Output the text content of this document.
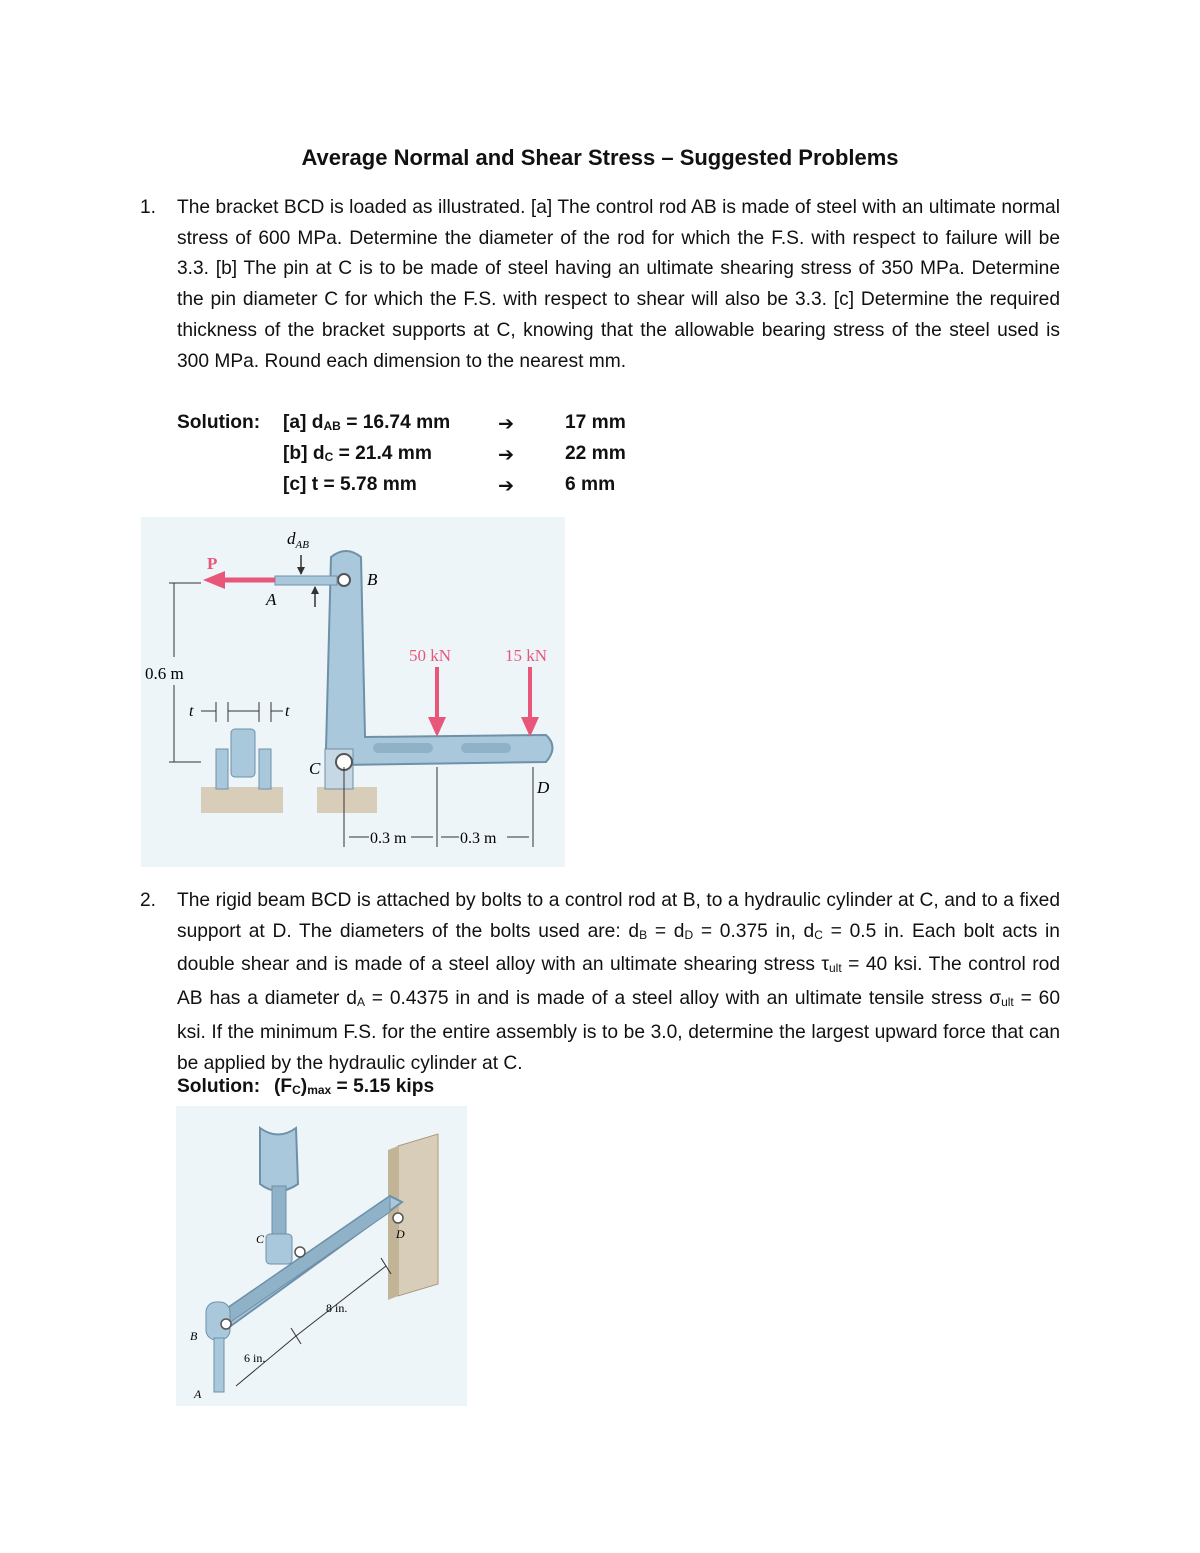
Average Normal and Shear Stress – Suggested Problems
1. The bracket BCD is loaded as illustrated. [a] The control rod AB is made of steel with an ultimate normal stress of 600 MPa. Determine the diameter of the rod for which the F.S. with respect to failure will be 3.3. [b] The pin at C is to be made of steel having an ultimate shearing stress of 350 MPa. Determine the pin diameter C for which the F.S. with respect to shear will also be 3.3. [c] Determine the required thickness of the bracket supports at C, knowing that the allowable bearing stress of the steel used is 300 MPa. Round each dimension to the nearest mm.
Solution: [a] $d_{AB} = 16.74$ mm ➔	17 mm
[b] $d_C = 21.4$ mm	➔	22 mm
[c] t = 5.78 mm	➔	6 mm
$d_{AB}$
P
A
B
C
D
0.6 m
50 kN	15 kN
0.3 m	0.3 m
t	t
2. The rigid beam BCD is attached by bolts to a control rod at B, to a hydraulic cylinder at C, and to a fixed support at D. The diameters of the bolts used are: $d_B = d_D = 0.375$ in, $d_C = 0.5$ in. Each bolt acts in double shear and is made of a steel alloy with an ultimate shearing stress $\tau_{ult} = 40$ ksi. The control rod AB has a diameter $d_A = 0.4375$ in and is made of a steel alloy with an ultimate tensile stress $\sigma_{ult} = 60$ ksi. If the minimum F.S. for the entire assembly is to be 3.0, determine the largest upward force that can be applied by the hydraulic cylinder at C.
Solution: $(F_C)_{max} = 5.15$ kips
A
B
C	D
6 in.
8 in.
